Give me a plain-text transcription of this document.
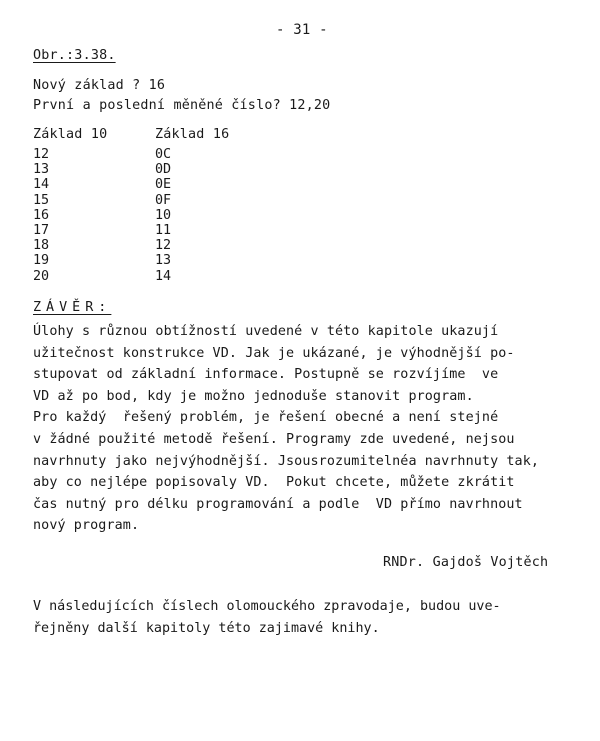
- 31 -
Obr.:3.38.
Nový základ ? 16
První a poslední měněné číslo? 12,20
Základ 10	Základ 16
12
13
14
15
16
17
18
19
20
0C
0D
0E
0F
10
11
12
13
14
ZÁVĚR:
Úlohy s různou obtížností uvedené v této kapitole ukazují
užitečnost konstrukce VD. Jak je ukázané, je výhodnější po-
stupovat od základní informace. Postupně se rozvíjíme  ve
VD až po bod, kdy je možno jednoduše stanovit program.
Pro každý  řešený problém, je řešení obecné a není stejné
v žádné použité metodě řešení. Programy zde uvedené, nejsou
navrhnuty jako nejvýhodnější. Jsousrozumitelnéa navrhnuty tak,
aby co nejlépe popisovaly VD.  Pokut chcete, můžete zkrátit
čas nutný pro délku programování a podle  VD přímo navrhnout
nový program.
RNDr. Gajdoš Vojtěch
V následujících číslech olomouckého zpravodaje, budou uve-
řejněny další kapitoly této zajimavé knihy.
